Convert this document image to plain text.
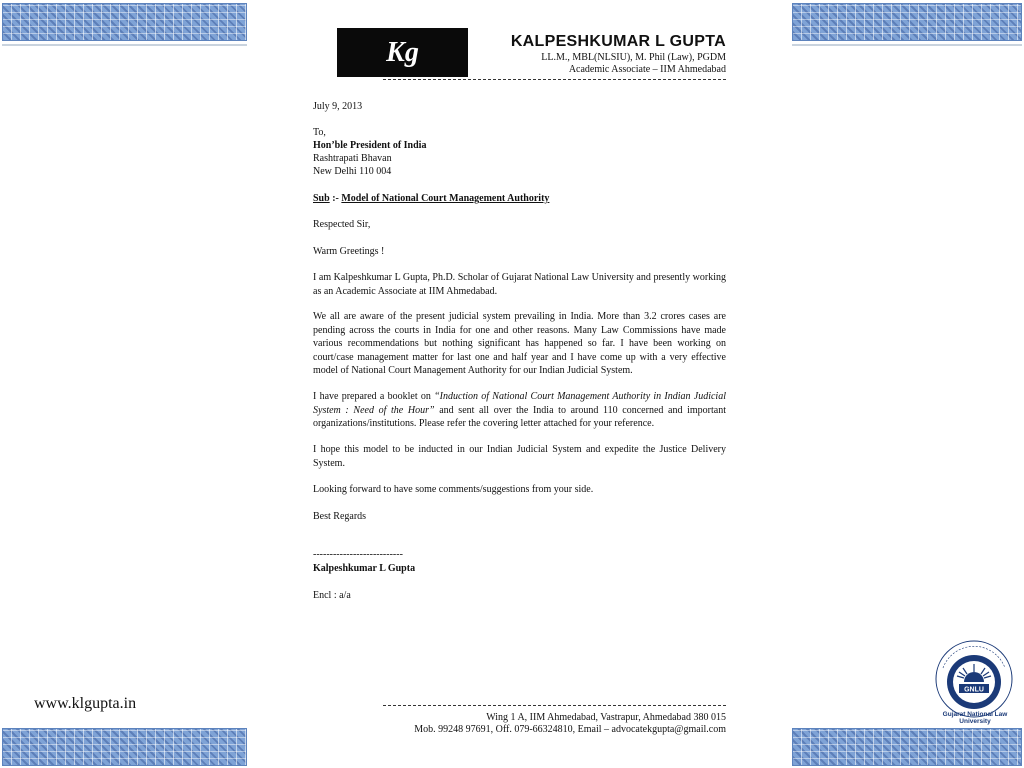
Kg	KALPESHKUMAR L GUPTA
LL.M., MBL(NLSIU), M. Phil (Law), PGDM
Academic Associate – IIM Ahmedabad
July 9, 2013
To,
Hon’ble President of India
Rashtrapati Bhavan
New Delhi 110 004
Sub :- Model of National Court Management Authority
Respected Sir,
Warm Greetings !
I am Kalpeshkumar L Gupta, Ph.D. Scholar of Gujarat National Law University and presently working as an Academic Associate at IIM Ahmedabad.
We all are aware of the present judicial system prevailing in India. More than 3.2 crores cases are pending across the courts in India for one and other reasons. Many Law Commissions have made various recommendations but nothing significant has happened so far. I have been working on court/case management matter for last one and half year and I have come up with a very effective model of National Court Management Authority for our Indian Judicial System.
I have prepared a booklet on “Induction of National Court Management Authority in Indian Judicial System : Need of the Hour” and sent all over the India to around 110 concerned and important organizations/institutions. Please refer the covering letter attached for your reference.
I hope this model to be inducted in our Indian Judicial System and expedite the Justice Delivery System.
Looking forward to have some comments/suggestions from your side.
Best Regards
---------------------------
Kalpeshkumar L Gupta
Encl : a/a
Wing 1 A, IIM Ahmedabad, Vastrapur, Ahmedabad 380 015
Mob. 99248 97691, Off. 079-66324810, Email – advocatekgupta@gmail.com
www.klgupta.in
GNLU
Gujarat National Law University
